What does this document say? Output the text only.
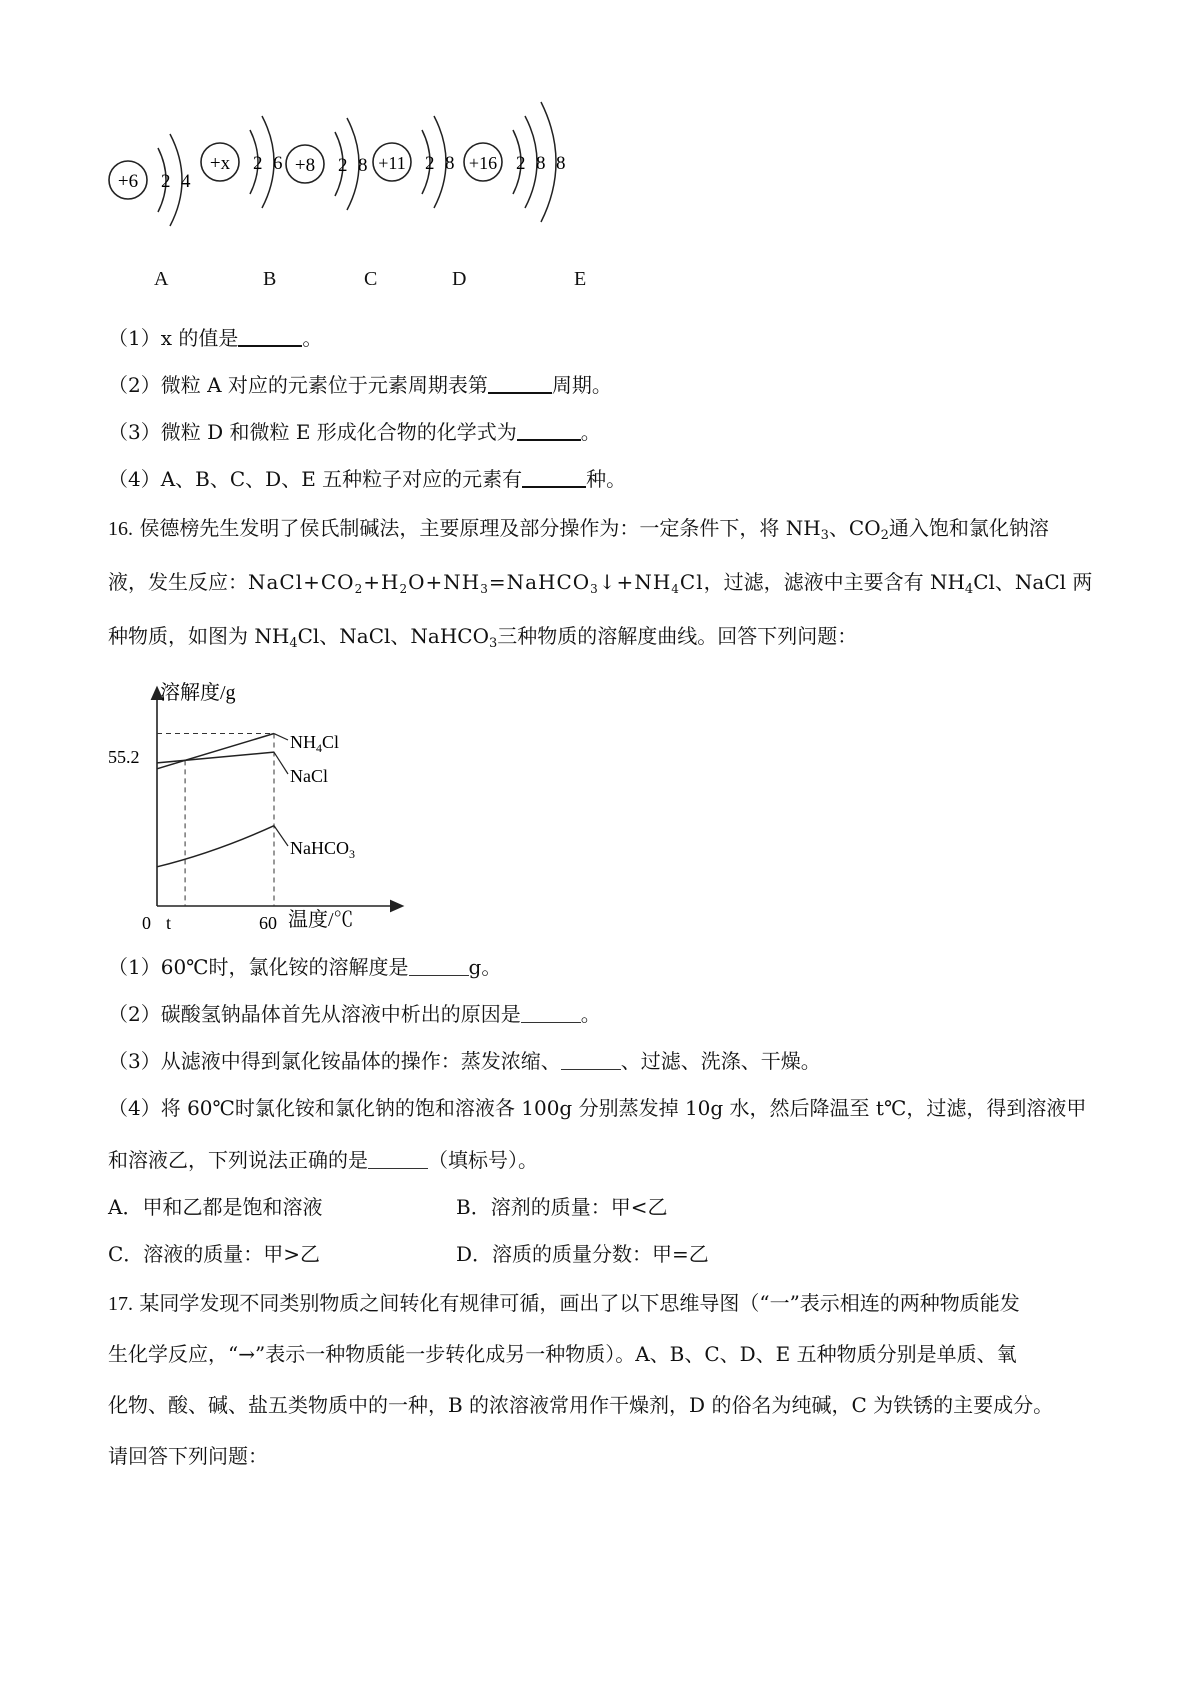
+6 2 4
+x 2 6 +8 2 8 +11 2 8 +16 2 8 8
A	B	C	D	E
（1）x 的值是	。
（2）微粒 A 对应的元素位于元素周期表第	周期。
（3）微粒 D 和微粒 E 形成化合物的化学式为	。
（4）A、B、C、D、E 五种粒子对应的元素有	种。
16. 侯德榜先生发明了侯氏制碱法，主要原理及部分操作为：一定条件下，将 $NH_3$、$CO_2$通入饱和氯化钠溶
液，发生反应：$NaCl+CO_2+H_2O+NH_3=NaHCO_3↓+NH_4Cl$，过滤，滤液中主要含有 $NH_4Cl$、NaCl 两
种物质，如图为 $NH_4Cl$、NaCl、NaHCO$_3$三种物质的溶解度曲线。回答下列问题：
溶解度/g
温度/℃
0 t	60
55.2
$NH_4Cl$
NaCl
NaHCO$_3$
（1）60℃时，氯化铵的溶解度是	g。
（2）碳酸氢钠晶体首先从溶液中析出的原因是	。
（3）从滤液中得到氯化铵晶体的操作：蒸发浓缩、	、过滤、洗涤、干燥。
（4）将 60℃时氯化铵和氯化钠的饱和溶液各 100g 分别蒸发掉 10g 水，然后降温至 t℃，过滤，得到溶液甲
和溶液乙，下列说法正确的是	（填标号）。
A．甲和乙都是饱和溶液	B．溶剂的质量：甲<乙
C．溶液的质量：甲>乙	D．溶质的质量分数：甲=乙
17. 某同学发现不同类别物质之间转化有规律可循，画出了以下思维导图（“一”表示相连的两种物质能发
生化学反应，“→”表示一种物质能一步转化成另一种物质）。A、B、C、D、E 五种物质分别是单质、氧
化物、酸、碱、盐五类物质中的一种，B 的浓溶液常用作干燥剂，D 的俗名为纯碱，C 为铁锈的主要成分。
请回答下列问题：
